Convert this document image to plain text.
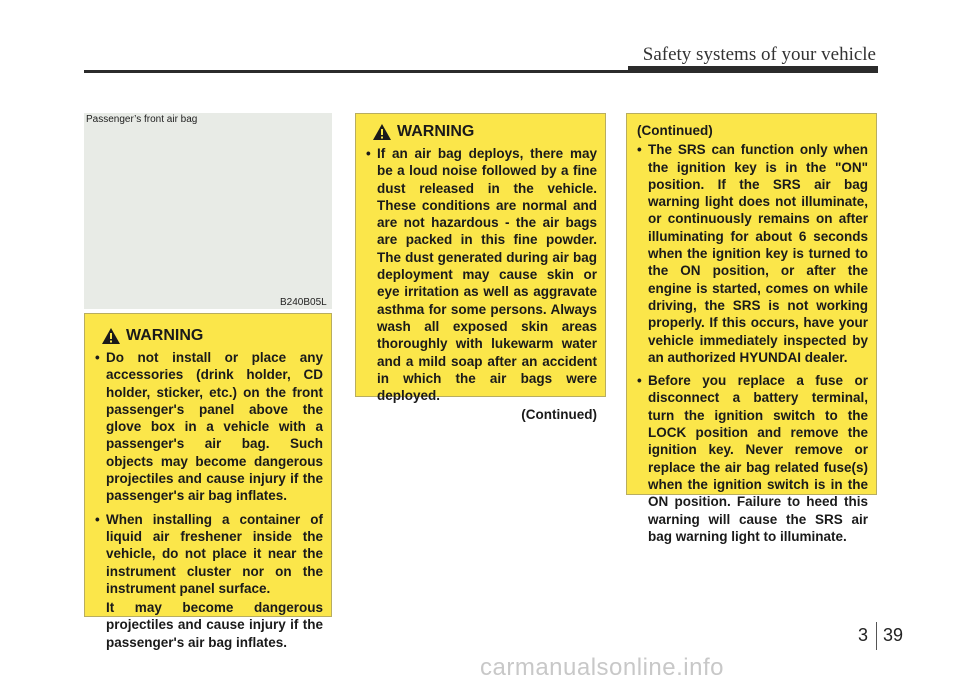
Safety systems of your vehicle
Passenger’s front air bag
B240B05L
WARNING
• Do not install or place any accessories (drink holder, CD holder, sticker, etc.) on the front passenger's panel above the glove box in a vehicle with a passenger's air bag. Such objects may become dangerous projectiles and cause injury if the passenger's air bag inflates.
• When installing a container of liquid air freshener inside the vehicle, do not place it near the instrument cluster nor on the instrument panel surface.
It may become dangerous projectiles and cause injury if the passenger's air bag inflates.
WARNING
• If an air bag deploys, there may be a loud noise followed by a fine dust released in the vehicle. These conditions are normal and are not hazardous - the air bags are packed in this fine powder. The dust generated during air bag deployment may cause skin or eye irritation as well as aggravate asthma for some persons. Always wash all exposed skin areas thoroughly with lukewarm water and a mild soap after an accident in which the air bags were deployed.
(Continued)
(Continued)
• The SRS can function only when the ignition key is in the "ON" position. If the SRS air bag warning light does not illuminate, or continuously remains on after illuminating for about 6 seconds when the ignition key is turned to the ON position, or after the engine is started, comes on while driving, the SRS is not working properly. If this occurs, have your vehicle immediately inspected by an authorized HYUNDAI dealer.
• Before you replace a fuse or disconnect a battery terminal, turn the ignition switch to the LOCK position and remove the ignition key. Never remove or replace the air bag related fuse(s) when the ignition switch is in the ON position. Failure to heed this warning will cause the SRS air bag warning light to illuminate.
3 39
carmanualsonline.info
